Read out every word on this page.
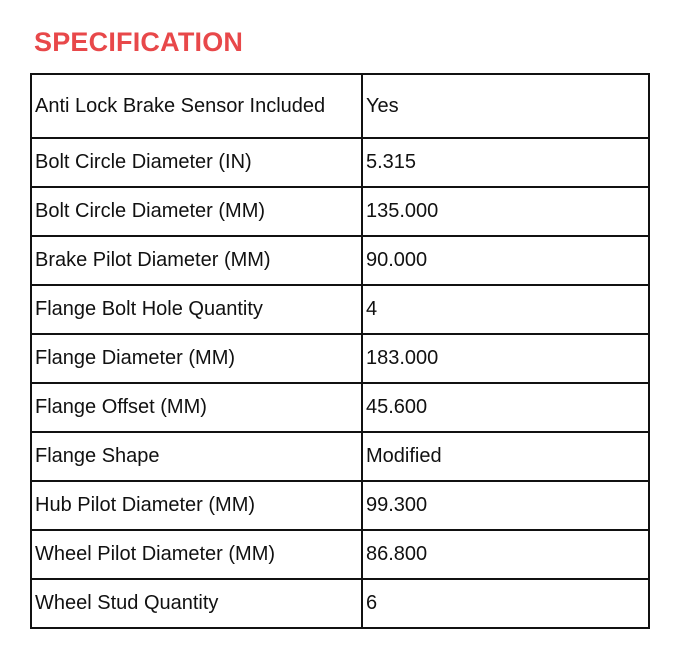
SPECIFICATION
Anti Lock Brake Sensor Included	Yes
Bolt Circle Diameter (IN)	5.315
Bolt Circle Diameter (MM)	135.000
Brake Pilot Diameter (MM)	90.000
Flange Bolt Hole Quantity	4
Flange Diameter (MM)	183.000
Flange Offset (MM)	45.600
Flange Shape	Modified
Hub Pilot Diameter (MM)	99.300
Wheel Pilot Diameter (MM)	86.800
Wheel Stud Quantity	6
